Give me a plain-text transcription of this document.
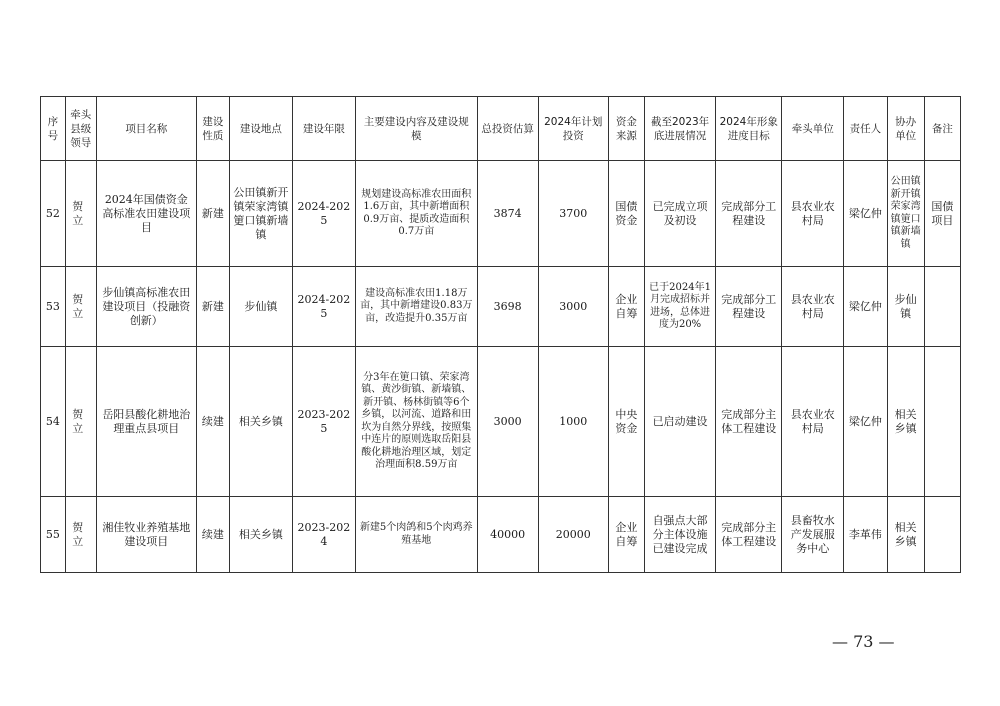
序号	牵头县级领导	项目名称	建设性质	建设地点	建设年限	主要建设内容及建设规模	总投资估算	2024年计划投资	资金来源	截至2023年底进展情况	2024年形象进度目标	牵头单位	责任人	协办单位	备注
52	贺 立	2024年国债资金高标准农田建设项目	新建	公田镇新开镇荣家湾镇筻口镇新墙镇	2024-2025	规划建设高标准农田面积1.6万亩，其中新增面积0.9万亩、提质改造面积0.7万亩	3874	3700	国债资金	已完成立项及初设	完成部分工程建设	县农业农村局	梁亿仲	公田镇新开镇荣家湾镇筻口镇新墙镇	国债项目
53	贺 立	步仙镇高标准农田建设项目（投融资创新）	新建	步仙镇	2024-2025	建设高标准农田1.18万亩，其中新增建设0.83万亩，改造提升0.35万亩	3698	3000	企业自筹	已于2024年1月完成招标并进场，总体进度为20%	完成部分工程建设	县农业农村局	梁亿仲	步仙镇	
54	贺 立	岳阳县酸化耕地治理重点县项目	续建	相关乡镇	2023-2025	分3年在筻口镇、荣家湾镇、黄沙街镇、新墙镇、新开镇、杨林街镇等6个乡镇，以河流、道路和田坎为自然分界线，按照集中连片的原则选取岳阳县酸化耕地治理区域，划定治理面积8.59万亩	3000	1000	中央资金	已启动建设	完成部分主体工程建设	县农业农村局	梁亿仲	相关乡镇	
55	贺 立	湘佳牧业养殖基地建设项目	续建	相关乡镇	2023-2024	新建5个肉鸽和5个肉鸡养殖基地	40000	20000	企业自筹	自强点大部分主体设施已建设完成	完成部分主体工程建设	县畜牧水产发展服务中心	李革伟	相关乡镇	
— 73 —
